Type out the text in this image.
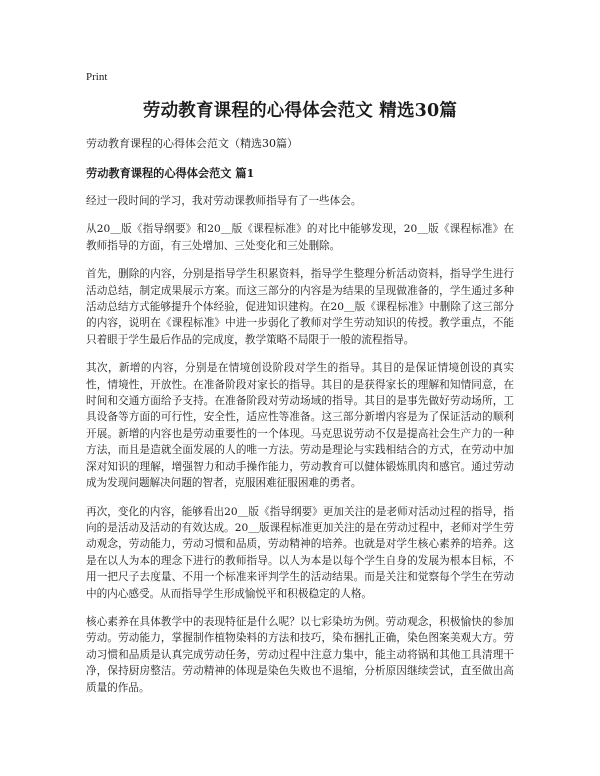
Print
劳动教育课程的心得体会范文 精选30篇
劳动教育课程的心得体会范文（精选30篇）
劳动教育课程的心得体会范文 篇1

经过一段时间的学习，我对劳动课教师指导有了一些体会。

从20＿版《指导纲要》和20＿版《课程标准》的对比中能够发现，20＿版《课程标准》在教师指导的方面，有三处增加、三处变化和三处删除。

首先，删除的内容，分别是指导学生积累资料，指导学生整理分析活动资料，指导学生进行活动总结，制定成果展示方案。而这三部分的内容是为结果的呈现做准备的，学生通过多种活动总结方式能够提升个体经验，促进知识建构。在20＿版《课程标准》中删除了这三部分的内容，说明在《课程标准》中进一步弱化了教师对学生劳动知识的传授。教学重点，不能只着眼于学生最后作品的完成度，教学策略不局限于一般的流程指导。

其次，新增的内容，分别是在情境创设阶段对学生的指导。其目的是保证情境创设的真实性，情境性，开放性。在准备阶段对家长的指导。其目的是获得家长的理解和知情同意，在时间和交通方面给予支持。在准备阶段对劳动场域的指导。其目的是事先做好劳动场所，工具设备等方面的可行性，安全性，适应性等准备。这三部分新增内容是为了保证活动的顺利开展。新增的内容也是劳动重要性的一个体现。马克思说劳动不仅是提高社会生产力的一种方法，而且是造就全面发展的人的唯一方法。劳动是理论与实践相结合的方式，在劳动中加深对知识的理解，增强智力和动手操作能力，劳动教育可以健体锻炼肌肉和感官。通过劳动成为发现问题解决问题的智者，克服困难征服困难的勇者。

再次，变化的内容，能够看出20＿版《指导纲要》更加关注的是老师对活动过程的指导，指向的是活动及活动的有效达成。20＿版课程标准更加关注的是在劳动过程中，老师对学生劳动观念，劳动能力，劳动习惯和品质，劳动精神的培养。也就是对学生核心素养的培养。这是在以人为本的理念下进行的教师指导。以人为本是以每个学生自身的发展为根本目标，不用一把尺子去度量、不用一个标准来评判学生的活动结果。而是关注和觉察每个学生在劳动中的内心感受。从而指导学生形成愉悦平和积极稳定的人格。

核心素养在具体教学中的表现特征是什么呢？以七彩染坊为例。劳动观念，积极愉快的参加劳动。劳动能力，掌握制作植物染料的方法和技巧，染布捆扎正确，染色图案美观大方。劳动习惯和品质是认真完成劳动任务，劳动过程中注意力集中，能主动将锅和其他工具清理干净，保持厨房整洁。劳动精神的体现是染色失败也不退缩，分析原因继续尝试，直至做出高质量的作品。
